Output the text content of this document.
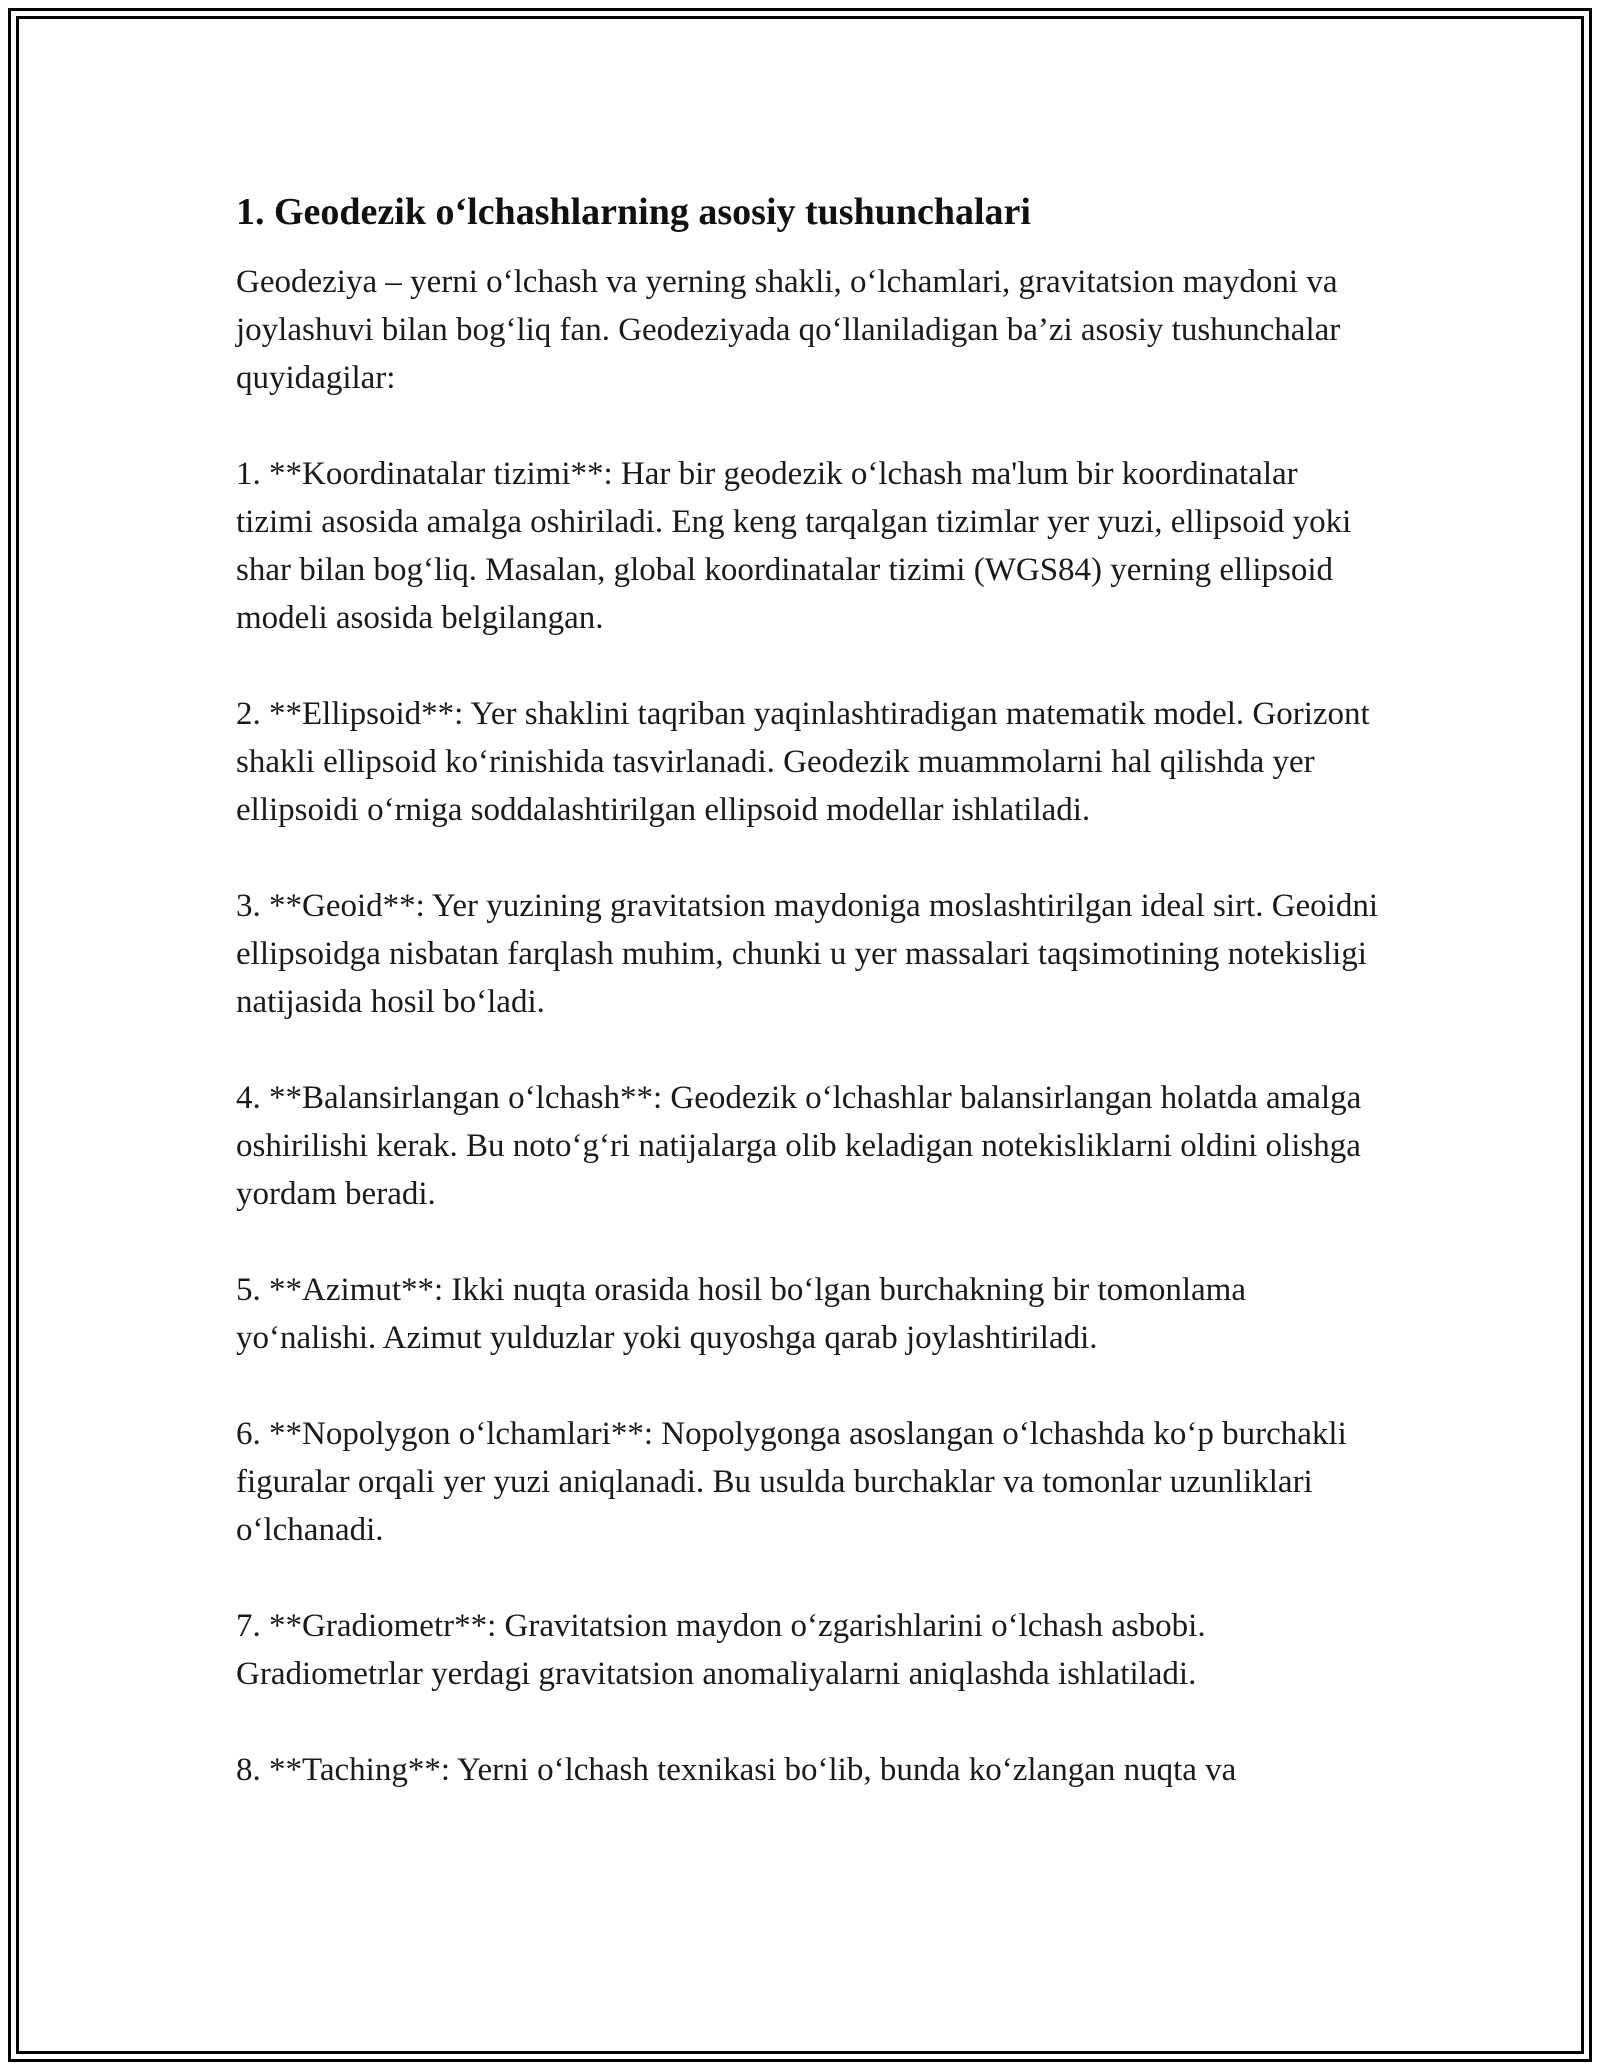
1. Geodezik o‘lchashlarning asosiy tushunchalari

Geodeziya – yerni o‘lchash va yerning shakli, o‘lchamlari, gravitatsion maydoni va joylashuvi bilan bog‘liq fan. Geodeziyada qo‘llaniladigan ba’zi asosiy tushunchalar quyidagilar:

1. **Koordinatalar tizimi**: Har bir geodezik o‘lchash ma'lum bir koordinatalar tizimi asosida amalga oshiriladi. Eng keng tarqalgan tizimlar yer yuzi, ellipsoid yoki shar bilan bog‘liq. Masalan, global koordinatalar tizimi (WGS84) yerning ellipsoid modeli asosida belgilangan.

2. **Ellipsoid**: Yer shaklini taqriban yaqinlashtiradigan matematik model. Gorizont shakli ellipsoid ko‘rinishida tasvirlanadi. Geodezik muammolarni hal qilishda yer ellipsoidi o‘rniga soddalashtirilgan ellipsoid modellar ishlatiladi.

3. **Geoid**: Yer yuzining gravitatsion maydoniga moslashtirilgan ideal sirt. Geoidni ellipsoidga nisbatan farqlash muhim, chunki u yer massalari taqsimotining notekisligi natijasida hosil bo‘ladi.

4. **Balansirlangan o‘lchash**: Geodezik o‘lchashlar balansirlangan holatda amalga oshirilishi kerak. Bu noto‘g‘ri natijalarga olib keladigan notekisliklarni oldini olishga yordam beradi.

5. **Azimut**: Ikki nuqta orasida hosil bo‘lgan burchakning bir tomonlama yo‘nalishi. Azimut yulduzlar yoki quyoshga qarab joylashtiriladi.

6. **Nopolygon o‘lchamlari**: Nopolygonga asoslangan o‘lchashda ko‘p burchakli figuralar orqali yer yuzi aniqlanadi. Bu usulda burchaklar va tomonlar uzunliklari o‘lchanadi.

7. **Gradiometr**: Gravitatsion maydon o‘zgarishlarini o‘lchash asbobi. Gradiometrlar yerdagi gravitatsion anomaliyalarni aniqlashda ishlatiladi.

8. **Taching**: Yerni o‘lchash texnikasi bo‘lib, bunda ko‘zlangan nuqta va
